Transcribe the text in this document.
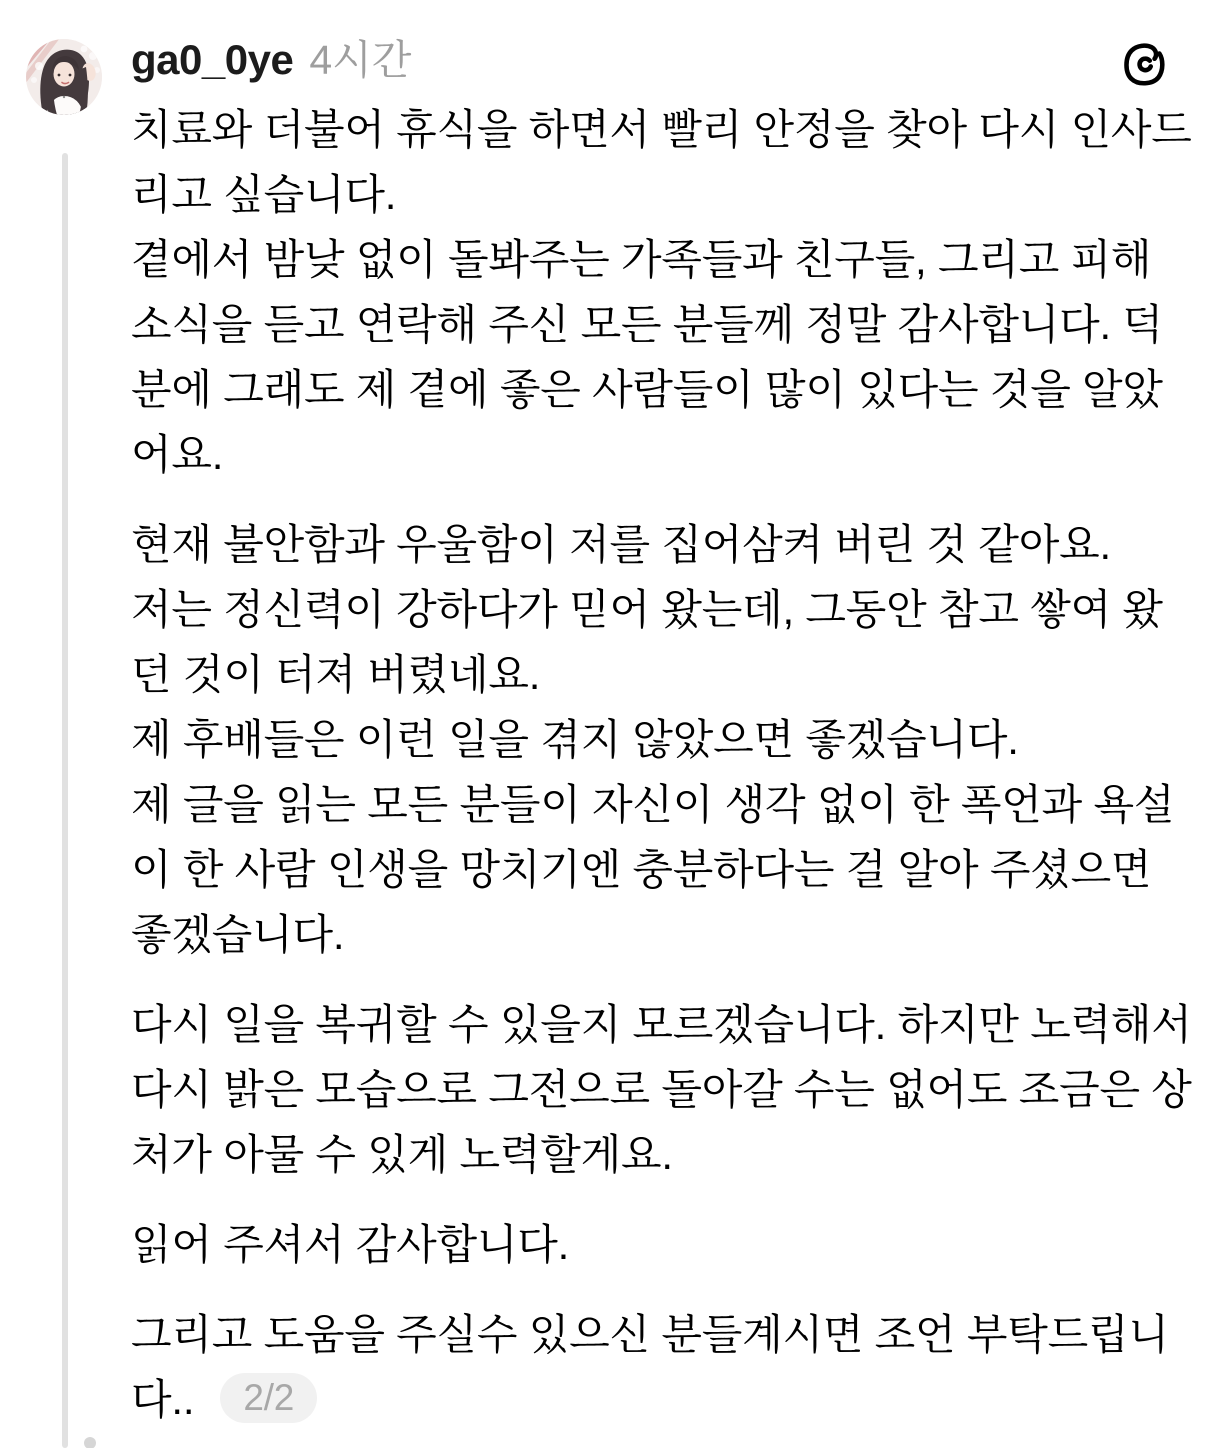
ga0_0ye 4시간
치료와 더불어 휴식을 하면서 빨리 안정을 찾아 다시 인사드
리고 싶습니다.
곁에서 밤낮 없이 돌봐주는 가족들과 친구들, 그리고 피해
소식을 듣고 연락해 주신 모든 분들께 정말 감사합니다. 덕
분에 그래도 제 곁에 좋은 사람들이 많이 있다는 것을 알았
어요.
현재 불안함과 우울함이 저를 집어삼켜 버린 것 같아요.
저는 정신력이 강하다가 믿어 왔는데, 그동안 참고 쌓여 왔
던 것이 터져 버렸네요.
제 후배들은 이런 일을 겪지 않았으면 좋겠습니다.
제 글을 읽는 모든 분들이 자신이 생각 없이 한 폭언과 욕설
이 한 사람 인생을 망치기엔 충분하다는 걸 알아 주셨으면
좋겠습니다.
다시 일을 복귀할 수 있을지 모르겠습니다. 하지만 노력해서
다시 밝은 모습으로 그전으로 돌아갈 수는 없어도 조금은 상
처가 아물 수 있게 노력할게요.
읽어 주셔서 감사합니다.
그리고 도움을 주실수 있으신 분들계시면 조언 부탁드립니
다.. 2/2
